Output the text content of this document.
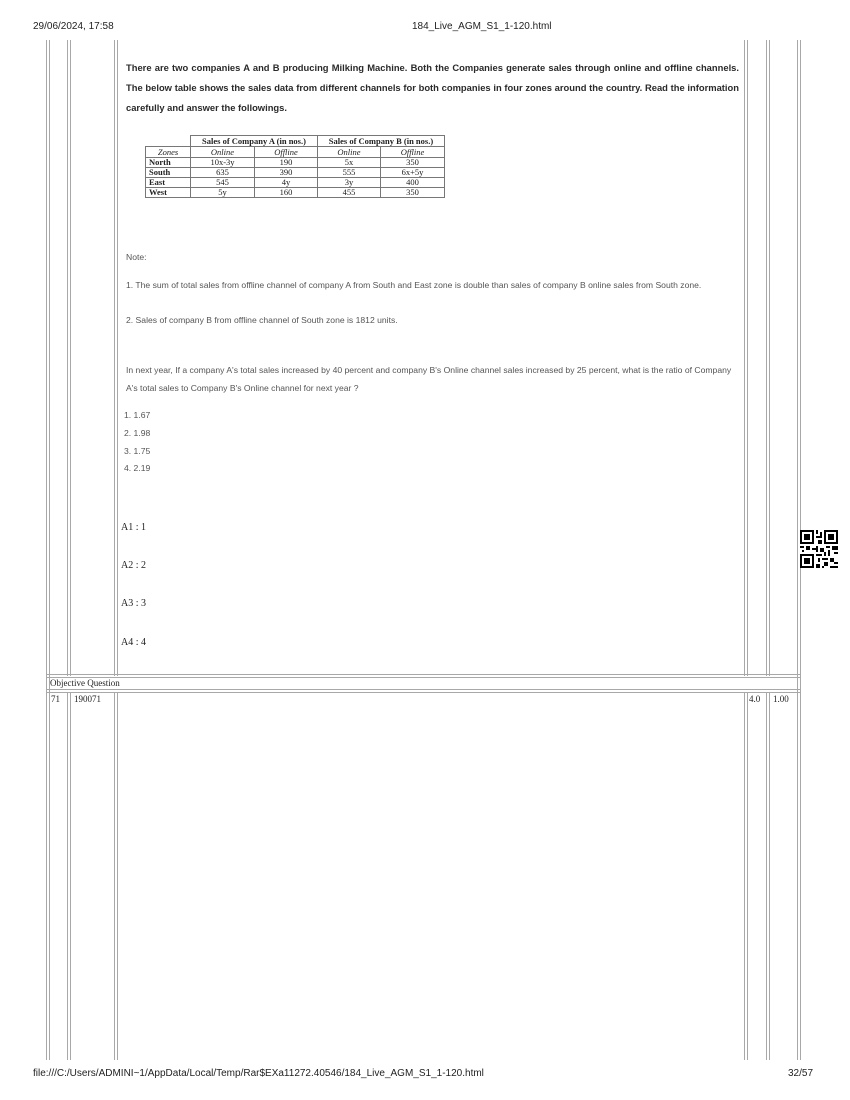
29/06/2024, 17:58	184_Live_AGM_S1_1-120.html
file:///C:/Users/ADMINI~1/AppData/Local/Temp/Rar$EXa11272.40546/184_Live_AGM_S1_1-120.html	32/57
There are two companies A and B producing Milking Machine. Both the Companies generate sales through online and offline channels. The below table shows the sales data from different channels for both companies in four zones around the country. Read the information carefully and answer the followings.
	Sales of Company A (in nos.)		Sales of Company B (in nos.)	
Zones	Online	Offline	Online	Offline
North	10x-3y	190	5x	350
South	635	390	555	6x+5y
East	545	4y	3y	400
West	5y	160	455	350
Note:
1. The sum of total sales from offline channel of company A from South and East zone is double than sales of company B online sales from South zone.
2. Sales of company B from offline channel of South zone is 1812 units.
In next year, If a company A's total sales increased by 40 percent and company B's Online channel sales increased by 25 percent, what is the ratio of Company A's total sales to Company B's Online channel for next year ?
1. 1.67
2. 1.98
3. 1.75
4. 2.19
A1 : 1
A2 : 2
A3 : 3
A4 : 4
Objective Question
71 190071	4.0 1.00
